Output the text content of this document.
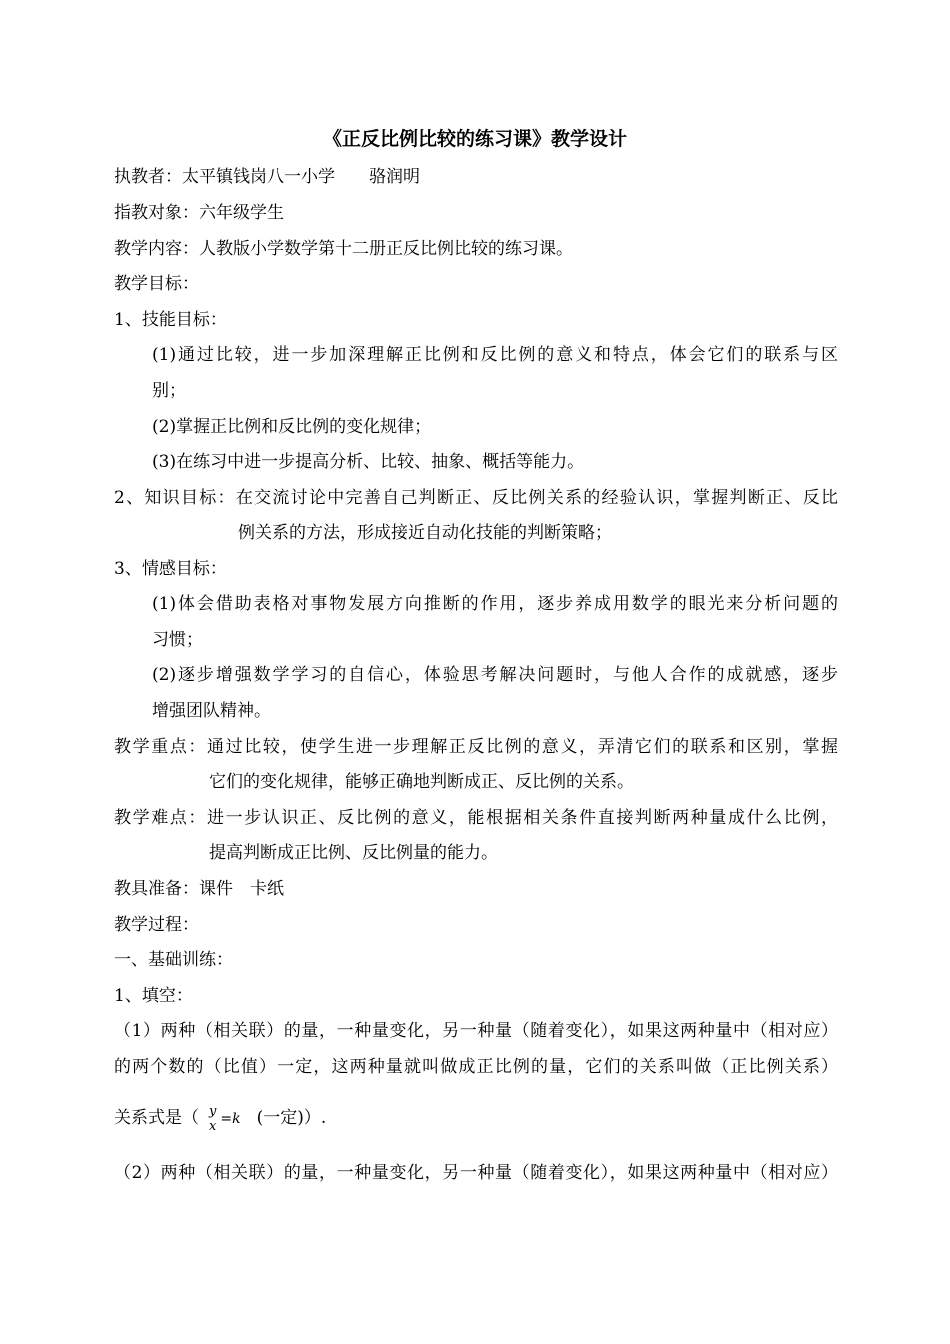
《正反比例比较的练习课》教学设计
执教者：太平镇钱岗八一小学　　骆润明
指教对象：六年级学生
教学内容：人教版小学数学第十二册正反比例比较的练习课。
教学目标：
1、技能目标：
(1)通过比较，进一步加深理解正比例和反比例的意义和特点，体会它们的联系与区
别；
(2)掌握正比例和反比例的变化规律；
(3)在练习中进一步提高分析、比较、抽象、概括等能力。
2、知识目标：在交流讨论中完善自己判断正、反比例关系的经验认识，掌握判断正、反比
例关系的方法，形成接近自动化技能的判断策略；
3、情感目标：
(1)体会借助表格对事物发展方向推断的作用，逐步养成用数学的眼光来分析问题的
习惯；
(2)逐步增强数学学习的自信心，体验思考解决问题时，与他人合作的成就感，逐步
增强团队精神。
教学重点：通过比较，使学生进一步理解正反比例的意义，弄清它们的联系和区别，掌握
它们的变化规律，能够正确地判断成正、反比例的关系。
教学难点：进一步认识正、反比例的意义，能根据相关条件直接判断两种量成什么比例，
提高判断成正比例、反比例量的能力。
教具准备：课件　卡纸
教学过程：
一、基础训练：
1、填空：
（1）两种（相关联）的量，一种量变化，另一种量（随着变化），如果这两种量中（相对应）
的两个数的（比值）一定，这两种量就叫做成正比例的量，它们的关系叫做（正比例关系）
关系式是（ y
x =k (一定)）.
（2）两种（相关联）的量，一种量变化，另一种量（随着变化），如果这两种量中（相对应）
